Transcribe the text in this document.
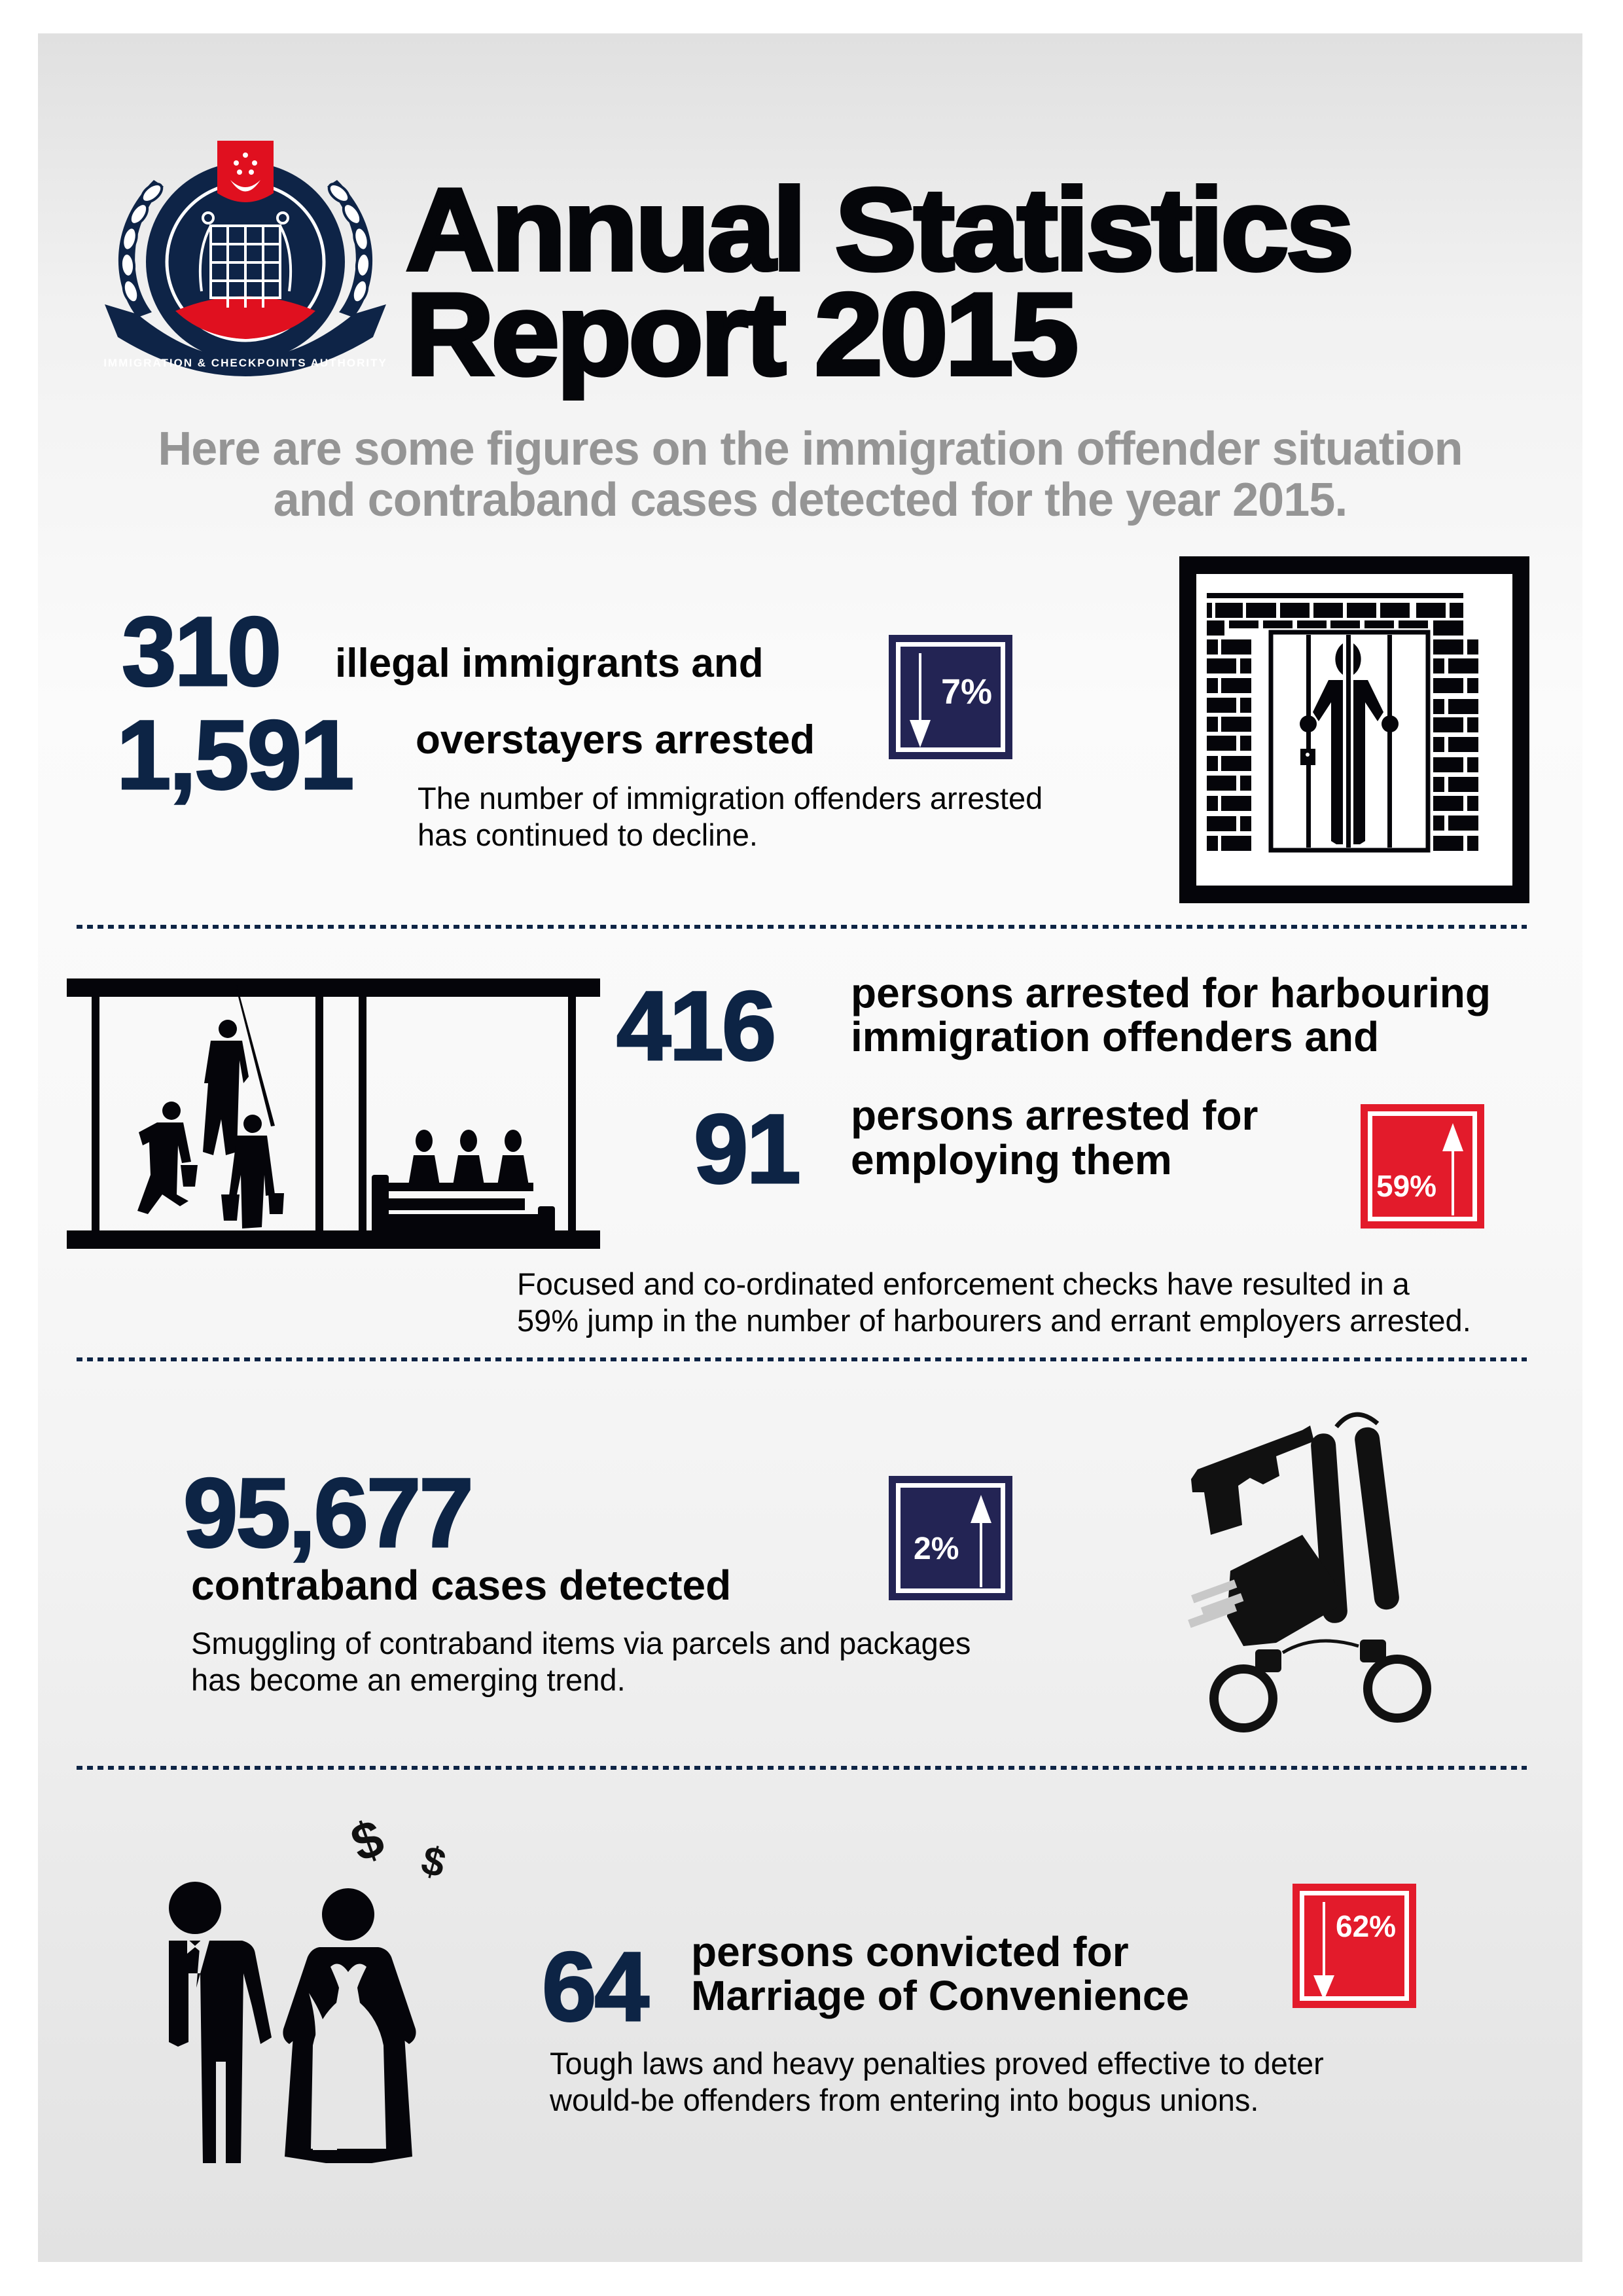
IMMIGRATION & CHECKPOINTS AUTHORITY
Annual Statistics
Report 2015
Here are some figures on the immigration offender situation
and contraband cases detected for the year 2015.
310 illegal immigrants and
1,591 overstayers arrested
The number of immigration offenders arrested
has continued to decline.
7%
416 persons arrested for harbouring
immigration offenders and
91 persons arrested for
employing them
59%
Focused and co-ordinated enforcement checks have resulted in a
59% jump in the number of harbourers and errant employers arrested.
95,677
contraband cases detected
Smuggling of contraband items via parcels and packages
has become an emerging trend.
2%
$ $
64 persons convicted for
Marriage of Convenience
62%
Tough laws and heavy penalties proved effective to deter
would-be offenders from entering into bogus unions.
